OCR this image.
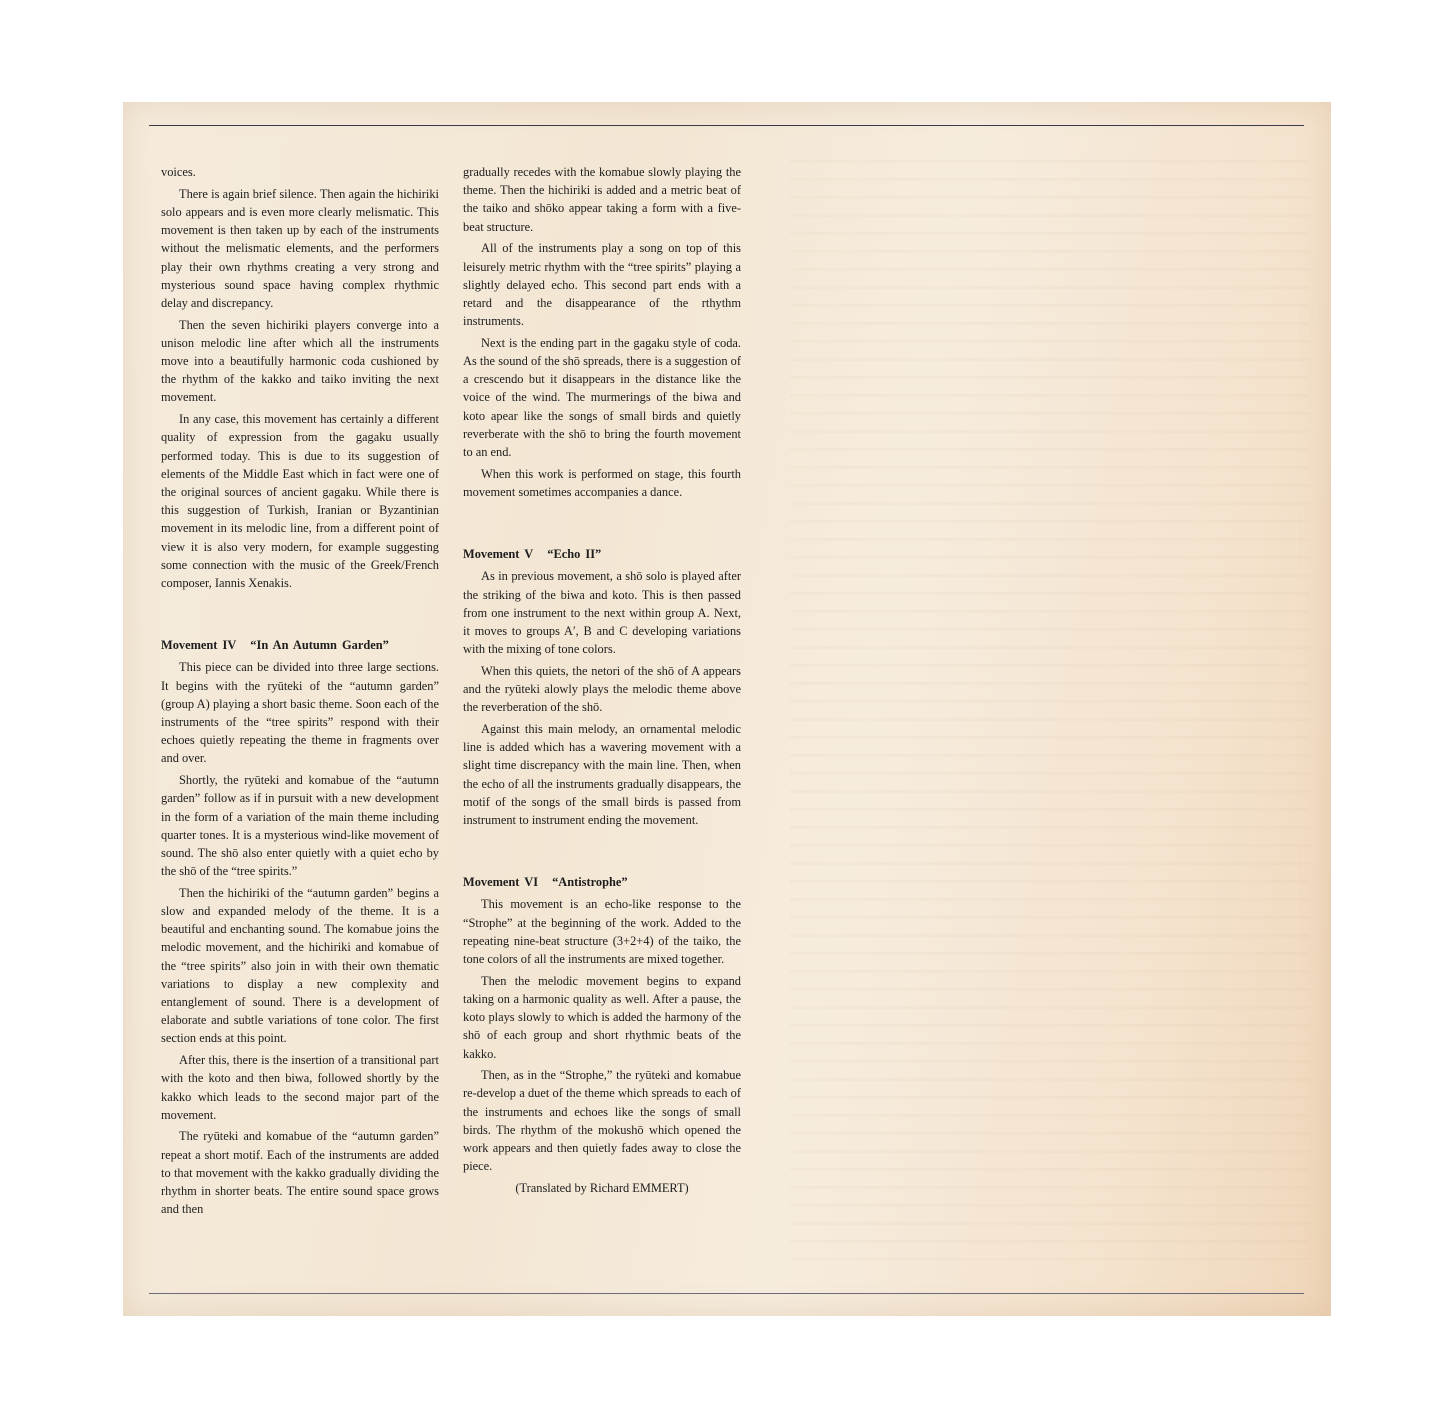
voices.

There is again brief silence. Then again the hichiriki solo appears and is even more clearly melismatic. This movement is then taken up by each of the instruments without the melismatic elements, and the performers play their own rhythms creating a very strong and mysterious sound space having complex rhythmic delay and discrepancy.

Then the seven hichiriki players converge into a unison melodic line after which all the instruments move into a beautifully harmonic coda cushioned by the rhythm of the kakko and taiko inviting the next movement.

In any case, this movement has certainly a different quality of expression from the gagaku usually performed today. This is due to its suggestion of elements of the Middle East which in fact were one of the original sources of ancient gagaku. While there is this suggestion of Turkish, Iranian or Byzantinian movement in its melodic line, from a different point of view it is also very modern, for example suggesting some connection with the music of the Greek/French composer, Iannis Xenakis.

Movement IV “In An Autumn Garden”

This piece can be divided into three large sections. It begins with the ryūteki of the “autumn garden” (group A) playing a short basic theme. Soon each of the instruments of the “tree spirits” respond with their echoes quietly repeating the theme in fragments over and over.

Shortly, the ryūteki and komabue of the “autumn garden” follow as if in pursuit with a new development in the form of a variation of the main theme including quarter tones. It is a mysterious wind-like movement of sound. The shō also enter quietly with a quiet echo by the shō of the “tree spirits.”

Then the hichiriki of the “autumn garden” begins a slow and expanded melody of the theme. It is a beautiful and enchanting sound. The komabue joins the melodic movement, and the hichiriki and komabue of the “tree spirits” also join in with their own thematic variations to display a new complexity and entanglement of sound. There is a development of elaborate and subtle variations of tone color. The first section ends at this point.

After this, there is the insertion of a transitional part with the koto and then biwa, followed shortly by the kakko which leads to the second major part of the movement.

The ryūteki and komabue of the “autumn garden” repeat a short motif. Each of the instruments are added to that movement with the kakko gradually dividing the rhythm in shorter beats. The entire sound space grows and then

gradually recedes with the komabue slowly playing the theme. Then the hichiriki is added and a metric beat of the taiko and shōko appear taking a form with a five-beat structure.

All of the instruments play a song on top of this leisurely metric rhythm with the “tree spirits” playing a slightly delayed echo. This second part ends with a retard and the disappearance of the rthythm instruments.

Next is the ending part in the gagaku style of coda. As the sound of the shō spreads, there is a suggestion of a crescendo but it disappears in the distance like the voice of the wind. The murmerings of the biwa and koto apear like the songs of small birds and quietly reverberate with the shō to bring the fourth movement to an end.

When this work is performed on stage, this fourth movement sometimes accompanies a dance.

Movement V “Echo II”

As in previous movement, a shō solo is played after the striking of the biwa and koto. This is then passed from one instrument to the next within group A. Next, it moves to groups A′, B and C developing variations with the mixing of tone colors.

When this quiets, the netori of the shō of A appears and the ryūteki alowly plays the melodic theme above the reverberation of the shō.

Against this main melody, an ornamental melodic line is added which has a wavering movement with a slight time discrepancy with the main line. Then, when the echo of all the instruments gradually disappears, the motif of the songs of the small birds is passed from instrument to instrument ending the movement.

Movement VI “Antistrophe”

This movement is an echo-like response to the “Strophe” at the beginning of the work. Added to the repeating nine-beat structure (3+2+4) of the taiko, the tone colors of all the instruments are mixed together.

Then the melodic movement begins to expand taking on a harmonic quality as well. After a pause, the koto plays slowly to which is added the harmony of the shō of each group and short rhythmic beats of the kakko.

Then, as in the “Strophe,” the ryūteki and komabue re-develop a duet of the theme which spreads to each of the instruments and echoes like the songs of small birds. The rhythm of the mokushō which opened the work appears and then quietly fades away to close the piece.

(Translated by Richard EMMERT)
